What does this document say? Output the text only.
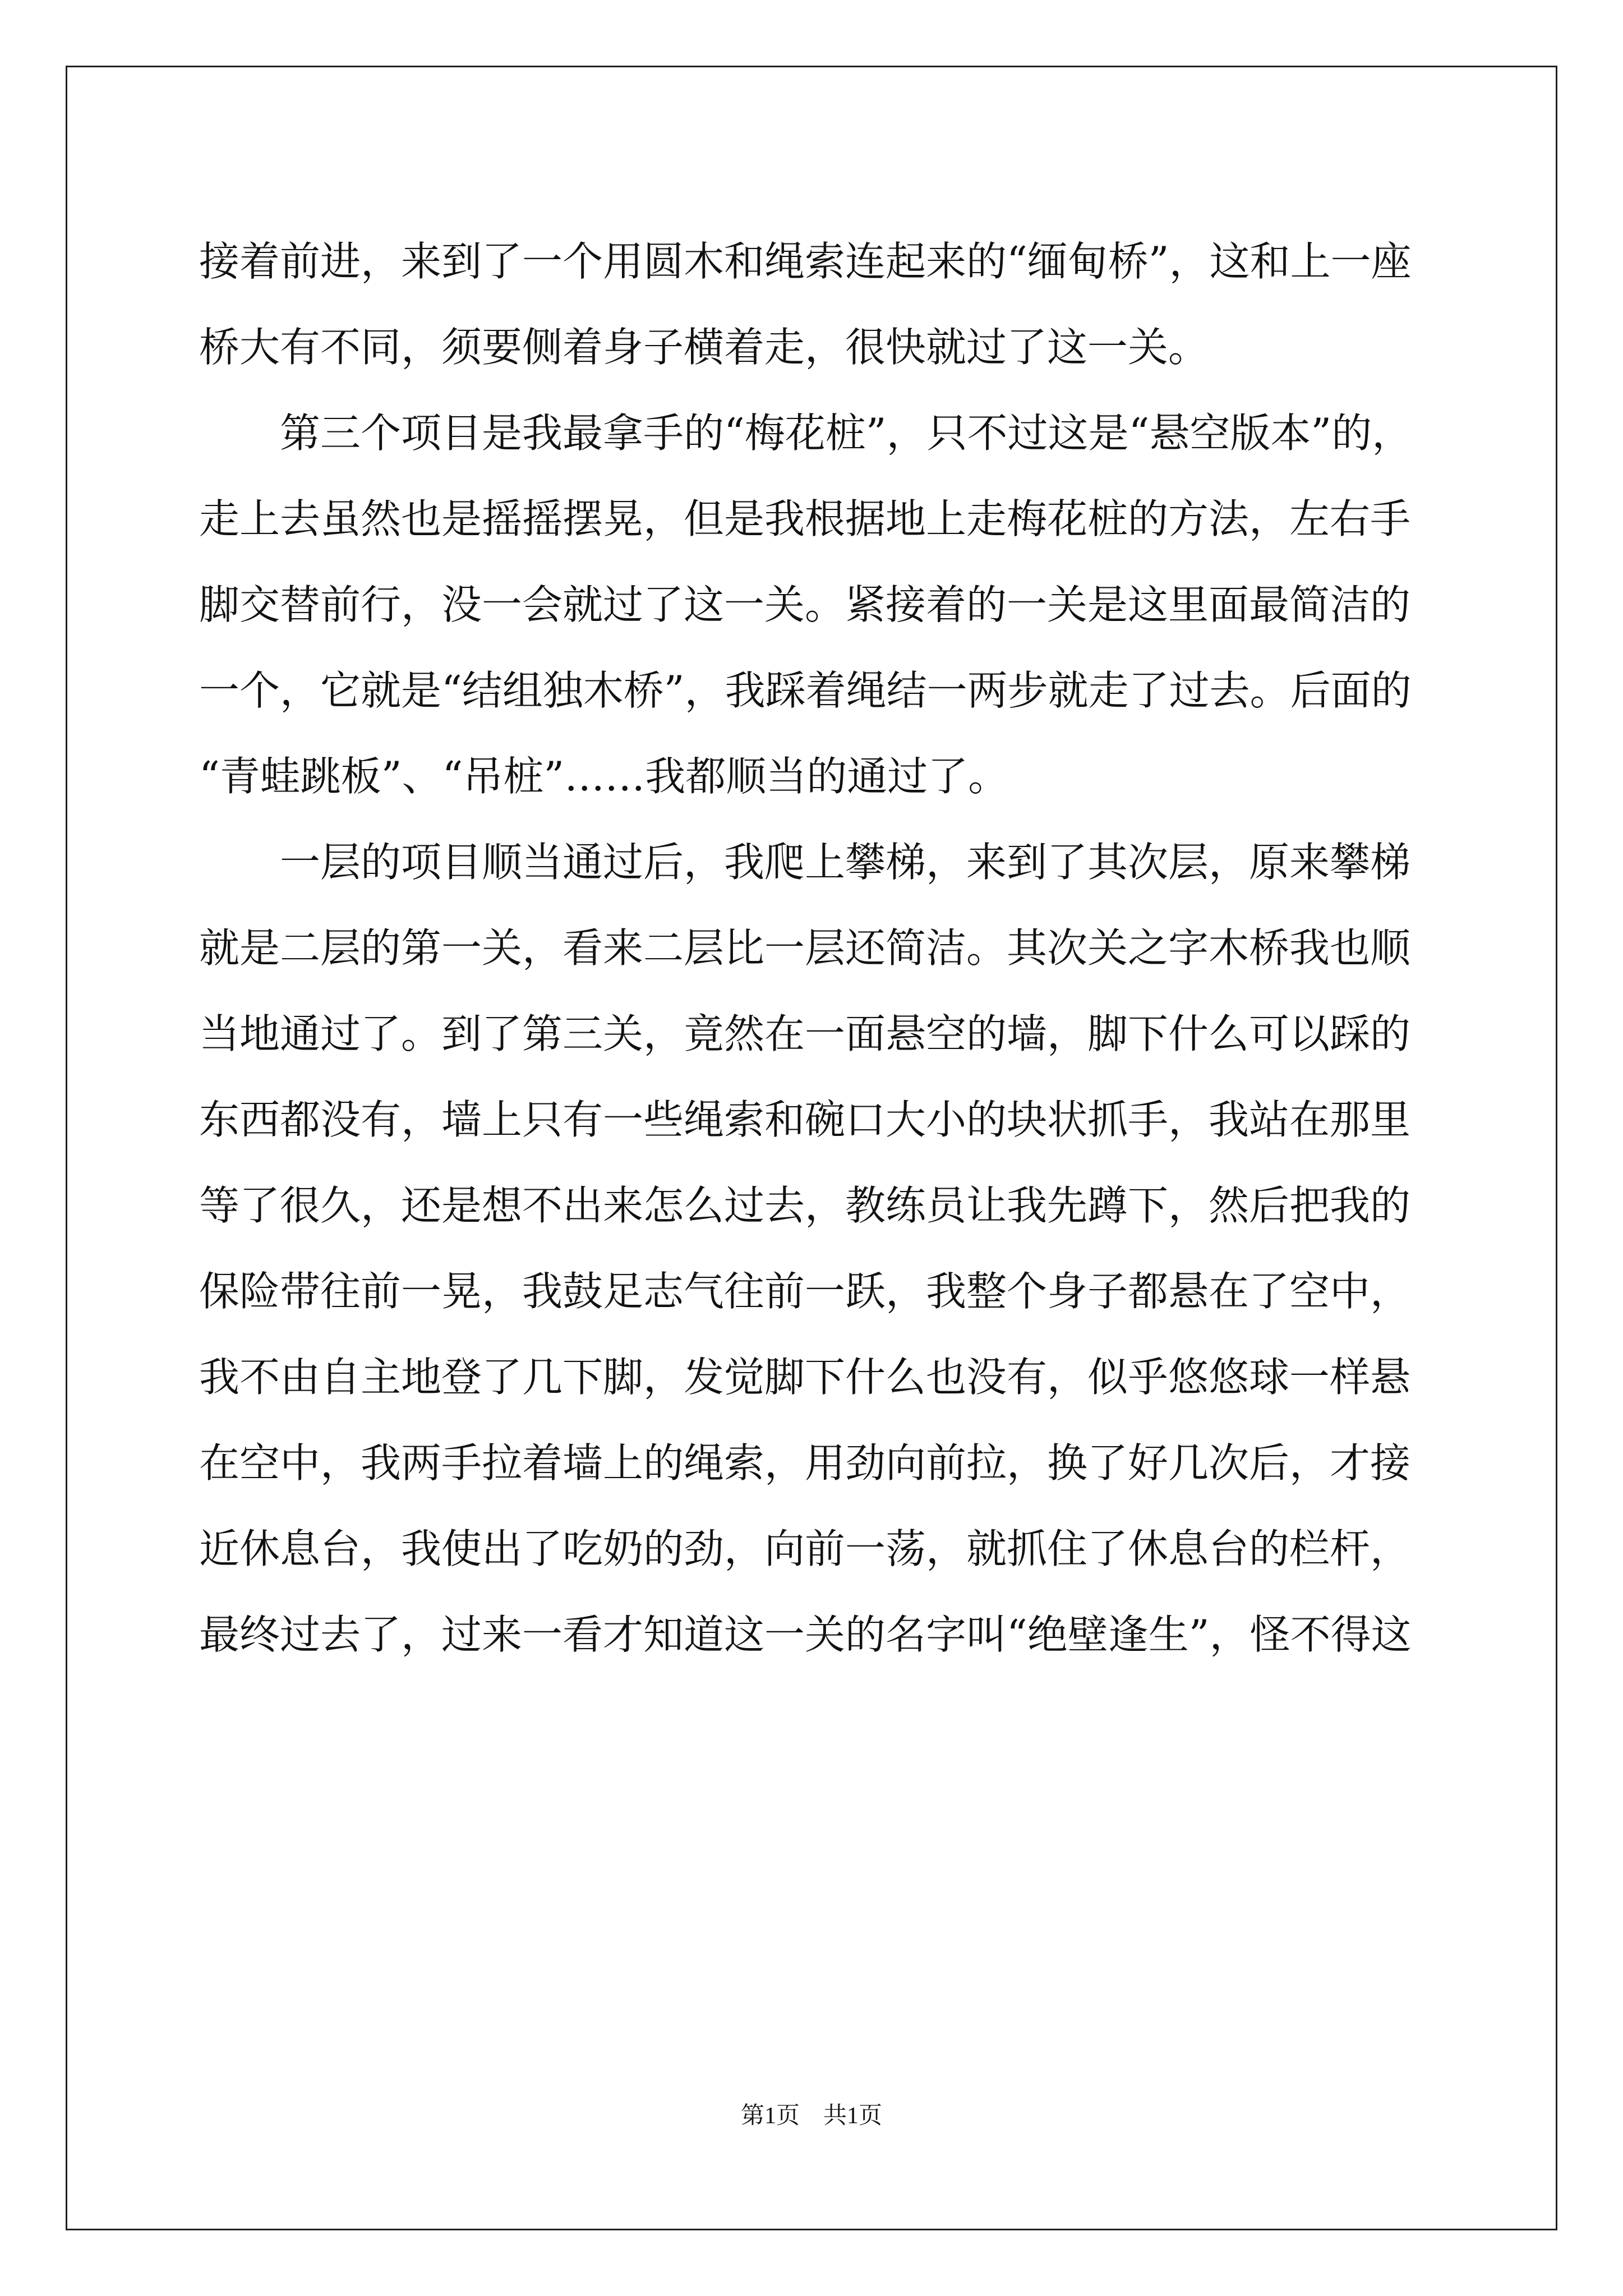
接着前进，来到了一个用圆木和绳索连起来的“缅甸桥”，这和上一座
桥大有不同，须要侧着身子横着走，很快就过了这一关。
第三个项目是我最拿手的“梅花桩”，只不过这是“悬空版本”的，
走上去虽然也是摇摇摆晃，但是我根据地上走梅花桩的方法，左右手
脚交替前行，没一会就过了这一关。紧接着的一关是这里面最简洁的
一个，它就是“结组独木桥”，我踩着绳结一两步就走了过去。后面的
“青蛙跳板”、“吊桩”……我都顺当的通过了。
一层的项目顺当通过后，我爬上攀梯，来到了其次层，原来攀梯
就是二层的第一关，看来二层比一层还简洁。其次关之字木桥我也顺
当地通过了。到了第三关，竟然在一面悬空的墙，脚下什么可以踩的
东西都没有，墙上只有一些绳索和碗口大小的块状抓手，我站在那里
等了很久，还是想不出来怎么过去，教练员让我先蹲下，然后把我的
保险带往前一晃，我鼓足志气往前一跃，我整个身子都悬在了空中，
我不由自主地登了几下脚，发觉脚下什么也没有，似乎悠悠球一样悬
在空中，我两手拉着墙上的绳索，用劲向前拉，换了好几次后，才接
近休息台，我使出了吃奶的劲，向前一荡，就抓住了休息台的栏杆，
最终过去了，过来一看才知道这一关的名字叫“绝壁逢生”，怪不得这
第1页 共1页
